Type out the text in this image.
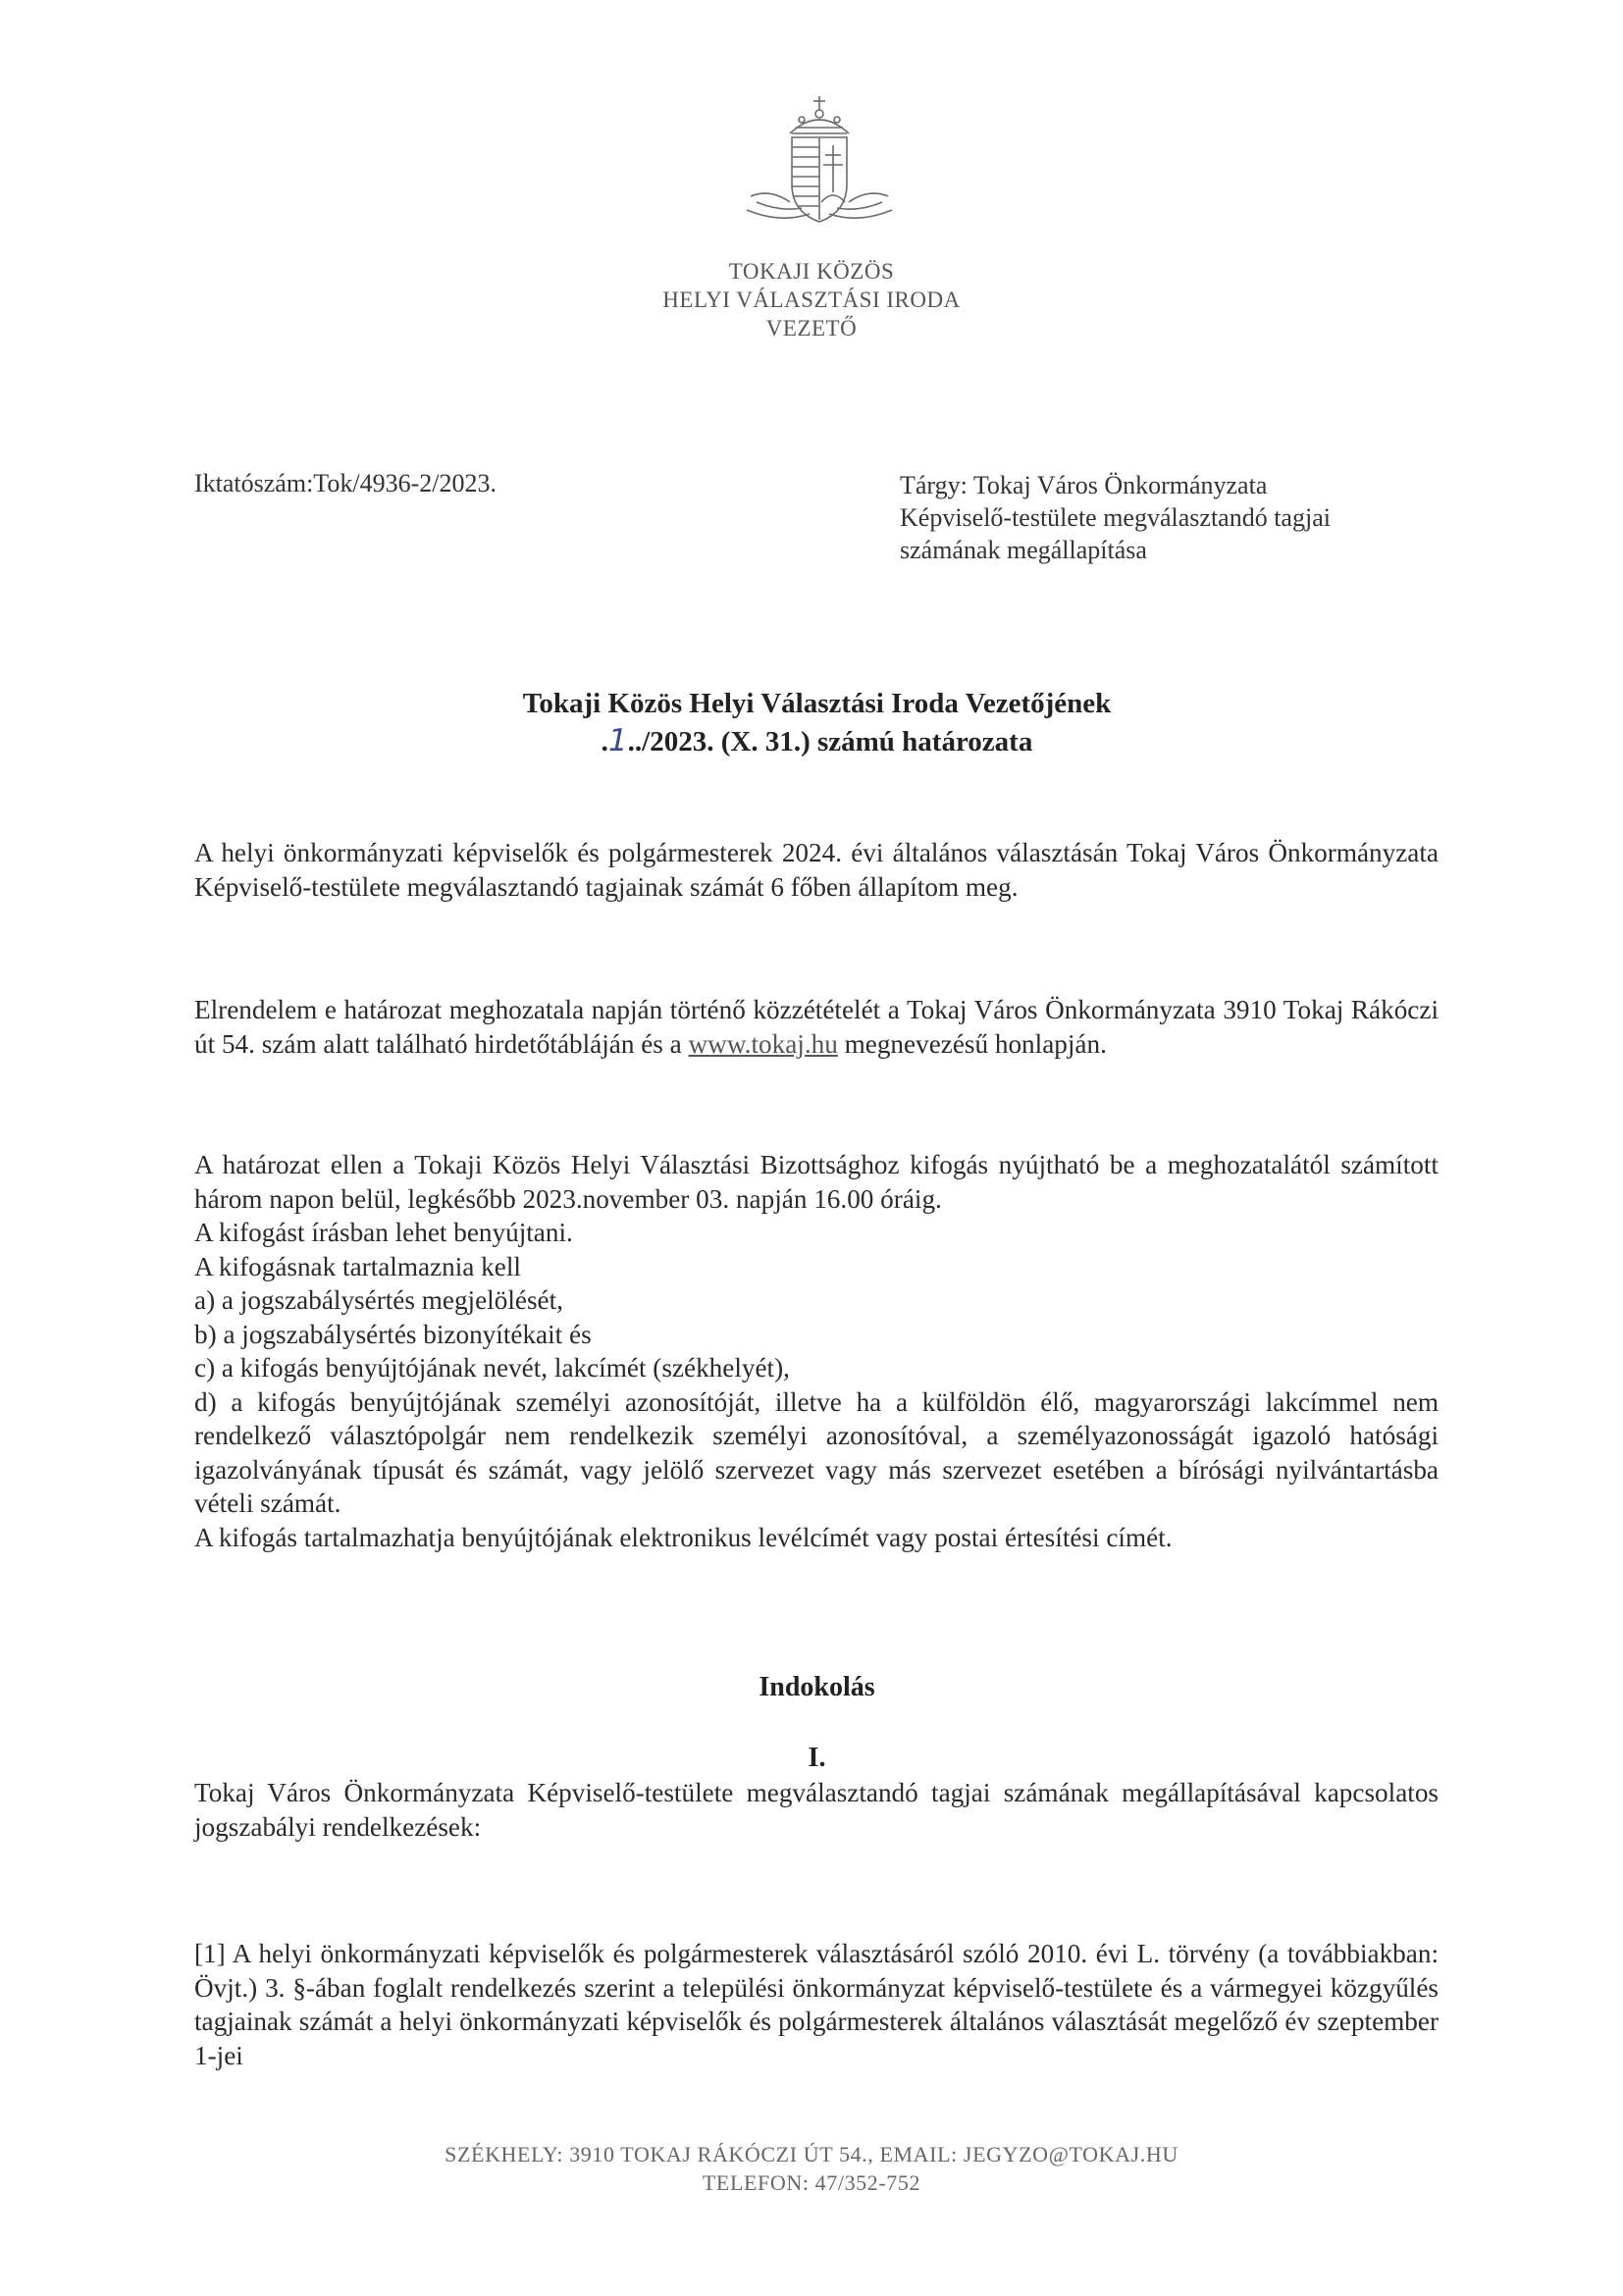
TOKAJI KÖZÖS
HELYI VÁLASZTÁSI IRODA
VEZETŐ
Iktatószám:Tok/4936-2/2023.	Tárgy: Tokaj Város Önkormányzata
Képviselő-testülete megválasztandó tagjai
számának megállapítása
Tokaji Közös Helyi Választási Iroda Vezetőjének
.1../2023. (X. 31.) számú határozata

A helyi önkormányzati képviselők és polgármesterek 2024. évi általános választásán Tokaj Város Önkormányzata Képviselő-testülete megválasztandó tagjainak számát 6 főben állapítom meg.

Elrendelem e határozat meghozatala napján történő közzétételét a Tokaj Város Önkormányzata 3910 Tokaj Rákóczi út 54. szám alatt található hirdetőtábláján és a www.tokaj.hu megnevezésű honlapján.

A határozat ellen a Tokaji Közös Helyi Választási Bizottsághoz kifogás nyújtható be a meghozatalától számított három napon belül, legkésőbb 2023.november 03. napján 16.00 óráig.

A kifogást írásban lehet benyújtani.

A kifogásnak tartalmaznia kell

a) a jogszabálysértés megjelölését,

b) a jogszabálysértés bizonyítékait és

c) a kifogás benyújtójának nevét, lakcímét (székhelyét),

d) a kifogás benyújtójának személyi azonosítóját, illetve ha a külföldön élő, magyarországi lakcímmel nem rendelkező választópolgár nem rendelkezik személyi azonosítóval, a személyazonosságát igazoló hatósági igazolványának típusát és számát, vagy jelölő szervezet vagy más szervezet esetében a bírósági nyilvántartásba vételi számát.

A kifogás tartalmazhatja benyújtójának elektronikus levélcímét vagy postai értesítési címét.

Indokolás
I.

Tokaj Város Önkormányzata Képviselő-testülete megválasztandó tagjai számának megállapításával kapcsolatos jogszabályi rendelkezések:

[1] A helyi önkormányzati képviselők és polgármesterek választásáról szóló 2010. évi L. törvény (a továbbiakban: Övjt.) 3. §-ában foglalt rendelkezés szerint a települési önkormányzat képviselő-testülete és a vármegyei közgyűlés tagjainak számát a helyi önkormányzati képviselők és polgármesterek általános választását megelőző év szeptember 1-jei

SZÉKHELY: 3910 TOKAJ RÁKÓCZI ÚT 54., EMAIL: JEGYZO@TOKAJ.HU
TELEFON: 47/352-752
